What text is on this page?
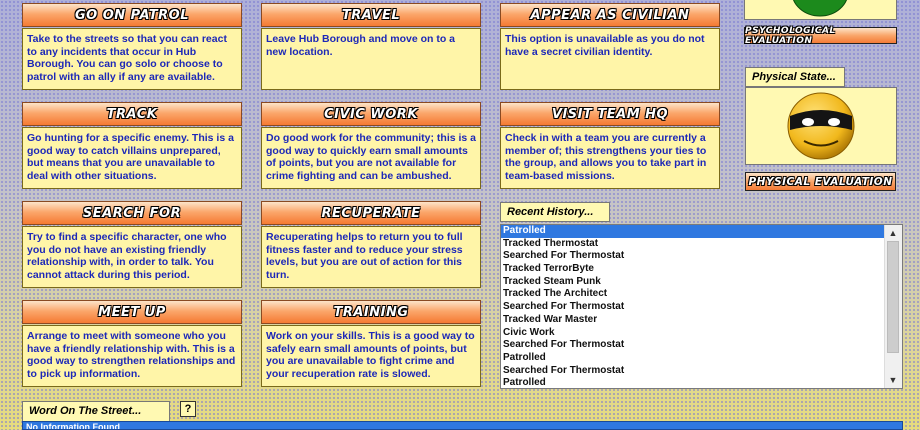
GO ON PATROL
Take to the streets so that you can react to any incidents that occur in Hub Borough. You can go solo or choose to patrol with an ally if any are available.
TRAVEL
Leave Hub Borough and move on to a new location.
APPEAR AS CIVILIAN
This option is unavailable as you do not have a secret civilian identity.
TRACK
Go hunting for a specific enemy. This is a good way to catch villains unprepared, but means that you are unavailable to deal with other situations.
CIVIC WORK
Do good work for the community; this is a good way to quickly earn small amounts of points, but you are not available for crime fighting and can be ambushed.
VISIT TEAM HQ
Check in with a team you are currently a member of; this strengthens your ties to the group, and allows you to take part in team-based missions.
SEARCH FOR
Try to find a specific character, one who you do not have an existing friendly relationship with, in order to talk. You cannot attack during this period.
RECUPERATE
Recuperating helps to return you to full fitness faster and to reduce your stress levels, but you are out of action for this turn.
MEET UP
Arrange to meet with someone who you have a friendly relationship with. This is a good way to strengthen relationships and to pick up information.
TRAINING
Work on your skills. This is a good way to safely earn small amounts of points, but you are unavailable to fight crime and your recuperation rate is slowed.
PSYCHOLOGICAL EVALUATION
Physical State...
PHYSICAL EVALUATION
Recent History...
Patrolled
Tracked Thermostat
Searched For Thermostat
Tracked TerrorByte
Tracked Steam Punk
Tracked The Architect
Searched For Thermostat
Tracked War Master
Civic Work
Searched For Thermostat
Patrolled
Searched For Thermostat
Patrolled
▲
▼
Word On The Street...	?
No Information Found
